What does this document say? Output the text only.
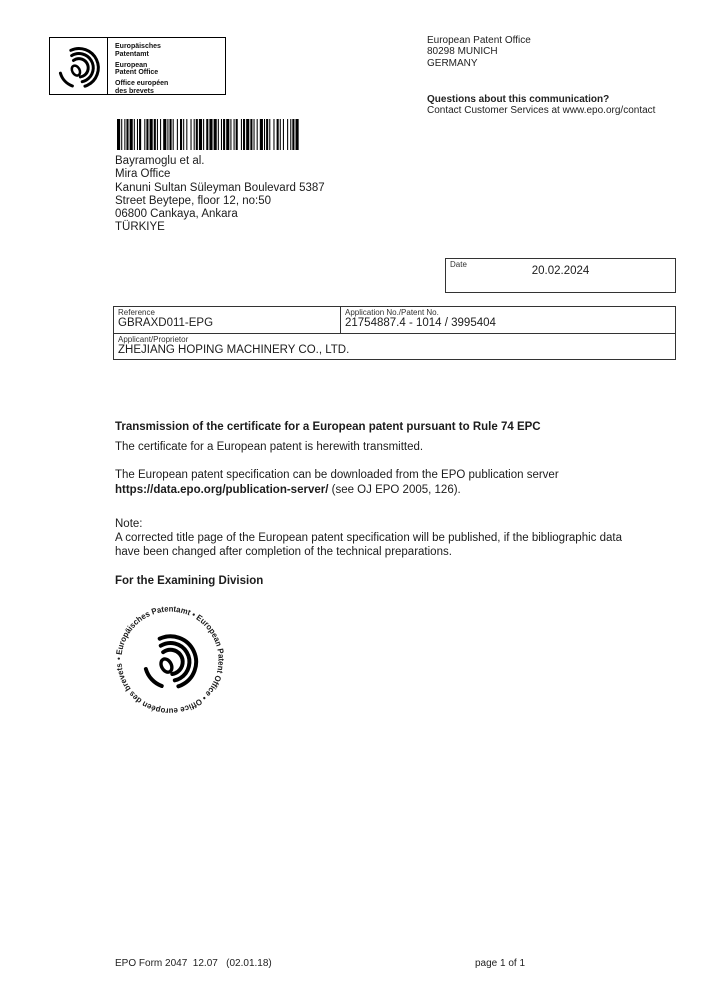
Europäisches
Patentamt
European
Patent Office
Office européen
des brevets
European Patent Office
80298 MUNICH
GERMANY
Questions about this communication?
Contact Customer Services at www.epo.org/contact
Bayramoglu et al.
Mira Office
Kanuni Sultan Süleyman Boulevard 5387
Street Beytepe, floor 12, no:50
06800 Cankaya, Ankara
TÜRKIYE
Date
20.02.2024
Reference
GBRAXD011-EPG
Application No./Patent No.
21754887.4 - 1014 / 3995404
Applicant/Proprietor
ZHEJIANG HOPING MACHINERY CO., LTD.
Transmission of the certificate for a European patent pursuant to Rule 74 EPC
The certificate for a European patent is herewith transmitted.
The European patent specification can be downloaded from the EPO publication server
https://data.epo.org/publication-server/ (see OJ EPO 2005, 126).
Note:
A corrected title page of the European patent specification will be published, if the bibliographic data
have been changed after completion of the technical preparations.
For the Examining Division
• Europäisches Patentamt • European Patent Office • Office européen des brevets
EPO Form 2047  12.07   (02.01.18)	page 1 of 1
